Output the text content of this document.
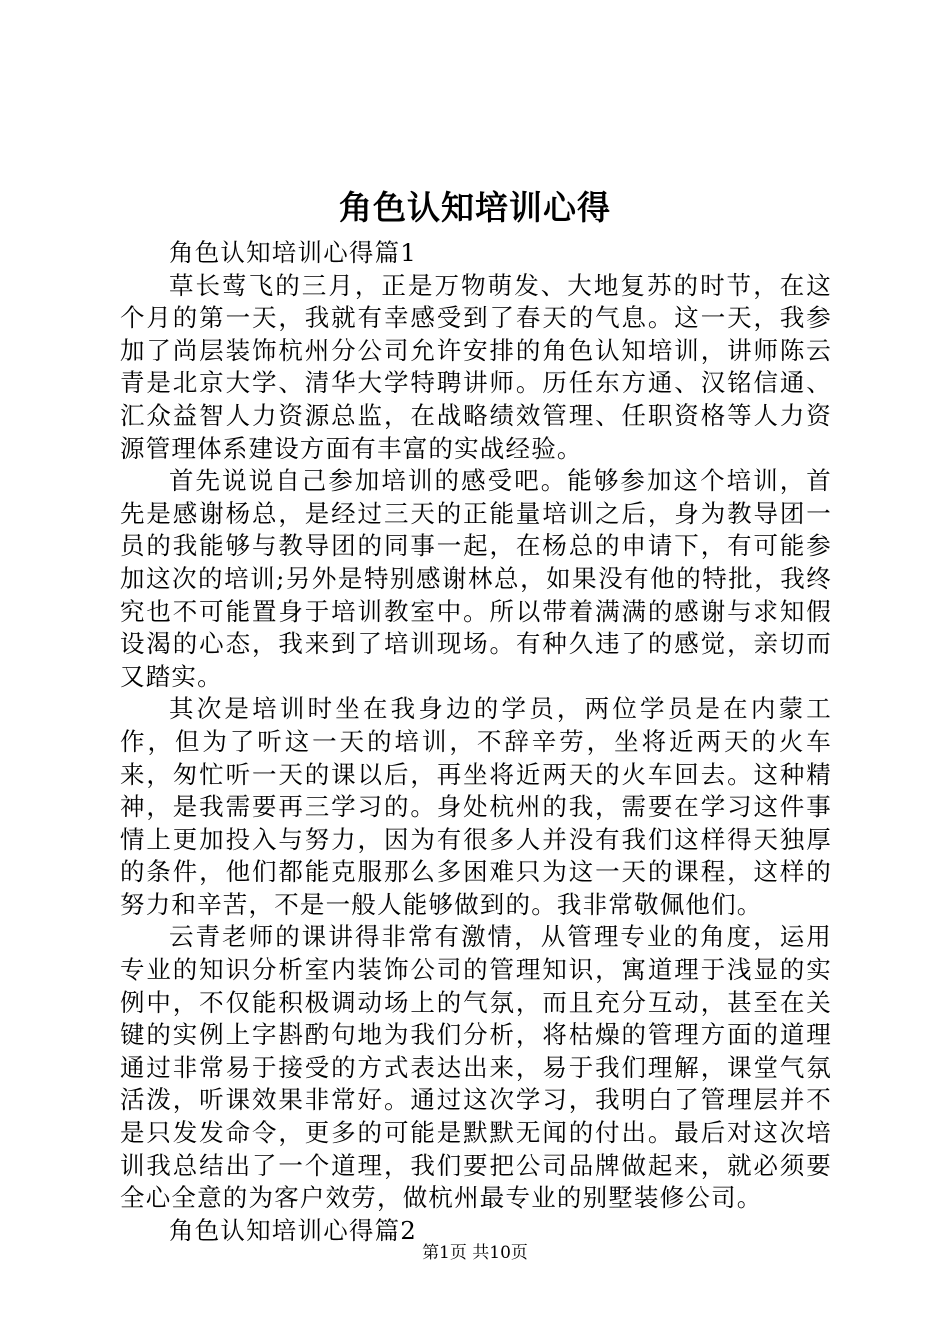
角色认知培训心得

角色认知培训心得篇1

草长莺飞的三月，正是万物萌发、大地复苏的时节，在这个月的第一天，我就有幸感受到了春天的气息。这一天，我参加了尚层装饰杭州分公司允许安排的角色认知培训，讲师陈云青是北京大学、清华大学特聘讲师。历任东方通、汉铭信通、汇众益智人力资源总监，在战略绩效管理、任职资格等人力资源管理体系建设方面有丰富的实战经验。

首先说说自己参加培训的感受吧。能够参加这个培训，首先是感谢杨总，是经过三天的正能量培训之后，身为教导团一员的我能够与教导团的同事一起，在杨总的申请下，有可能参加这次的培训;另外是特别感谢林总，如果没有他的特批，我终究也不可能置身于培训教室中。所以带着满满的感谢与求知假设渴的心态，我来到了培训现场。有种久违了的感觉，亲切而又踏实。

其次是培训时坐在我身边的学员，两位学员是在内蒙工作，但为了听这一天的培训，不辞辛劳，坐将近两天的火车来，匆忙听一天的课以后，再坐将近两天的火车回去。这种精神，是我需要再三学习的。身处杭州的我，需要在学习这件事情上更加投入与努力，因为有很多人并没有我们这样得天独厚的条件，他们都能克服那么多困难只为这一天的课程，这样的努力和辛苦，不是一般人能够做到的。我非常敬佩他们。

云青老师的课讲得非常有激情，从管理专业的角度，运用专业的知识分析室内装饰公司的管理知识，寓道理于浅显的实例中，不仅能积极调动场上的气氛，而且充分互动，甚至在关键的实例上字斟酌句地为我们分析，将枯燥的管理方面的道理通过非常易于接受的方式表达出来，易于我们理解，课堂气氛活泼，听课效果非常好。通过这次学习，我明白了管理层并不是只发发命令，更多的可能是默默无闻的付出。最后对这次培训我总结出了一个道理，我们要把公司品牌做起来，就必须要全心全意的为客户效劳，做杭州最专业的别墅装修公司。

角色认知培训心得篇2

第1页 共10页
